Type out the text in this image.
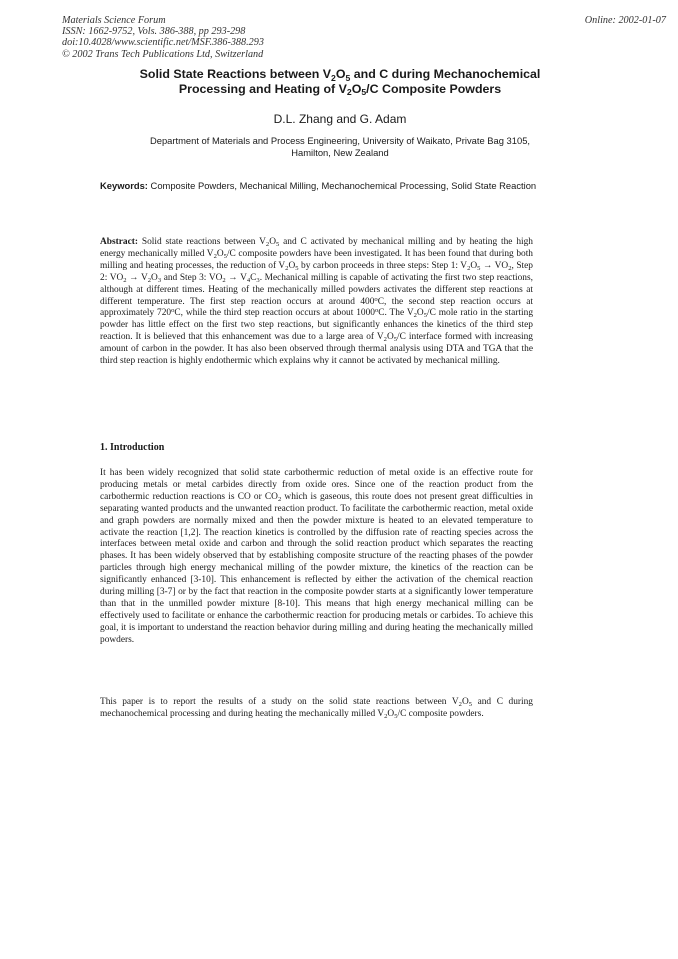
Materials Science Forum
ISSN: 1662-9752, Vols. 386-388, pp 293-298
doi:10.4028/www.scientific.net/MSF.386-388.293
© 2002 Trans Tech Publications Ltd, Switzerland
Online: 2002-01-07
Solid State Reactions between $V_2O_5$ and C during Mechanochemical
Processing and Heating of $V_2O_5/C$ Composite Powders
D.L. Zhang and G. Adam
Department of Materials and Process Engineering, University of Waikato, Private Bag 3105,
Hamilton, New Zealand
Keywords: Composite Powders, Mechanical Milling, Mechanochemical Processing, Solid State Reaction
Abstract: Solid state reactions between $V_2O_5$ and C activated by mechanical milling and by heating the high energy mechanically milled $V_2O_5/C$ composite powders have been investigated. It has been found that during both milling and heating processes, the reduction of $V_2O_5$ by carbon proceeds in three steps: Step 1: $V_2O_5 \to VO_2$, Step 2: $VO_2 \to V_2O_3$ and Step 3: $VO_2 \to V_4C_3$. Mechanical milling is capable of activating the first two step reactions, although at different times. Heating of the mechanically milled powders activates the different step reactions at different temperature. The first step reaction occurs at around 400$^o$C, the second step reaction occurs at approximately 720$^o$C, while the third step reaction occurs at about 1000$^o$C. The $V_2O_5/C$ mole ratio in the starting powder has little effect on the first two step reactions, but significantly enhances the kinetics of the third step reaction. It is believed that this enhancement was due to a large area of $V_2O_5/C$ interface formed with increasing amount of carbon in the powder. It has also been observed through thermal analysis using DTA and TGA that the third step reaction is highly endothermic which explains why it cannot be activated by mechanical milling.
1. Introduction
It has been widely recognized that solid state carbothermic reduction of metal oxide is an effective route for producing metals or metal carbides directly from oxide ores. Since one of the reaction product from the carbothermic reduction reactions is CO or $CO_2$ which is gaseous, this route does not present great difficulties in separating wanted products and the unwanted reaction product. To facilitate the carbothermic reaction, metal oxide and graph powders are normally mixed and then the powder mixture is heated to an elevated temperature to activate the reaction [1,2]. The reaction kinetics is controlled by the diffusion rate of reacting species across the interfaces between metal oxide and carbon and through the solid reaction product which separates the reacting phases. It has been widely observed that by establishing composite structure of the reacting phases of the powder particles through high energy mechanical milling of the powder mixture, the kinetics of the reaction can be significantly enhanced [3-10]. This enhancement is reflected by either the activation of the chemical reaction during milling [3-7] or by the fact that reaction in the composite powder starts at a significantly lower temperature than that in the unmilled powder mixture [8-10]. This means that high energy mechanical milling can be effectively used to facilitate or enhance the carbothermic reaction for producing metals or carbides. To achieve this goal, it is important to understand the reaction behavior during milling and during heating the mechanically milled powders.
This paper is to report the results of a study on the solid state reactions between $V_2O_5$ and C during mechanochemical processing and during heating the mechanically milled $V_2O_5/C$ composite powders.
